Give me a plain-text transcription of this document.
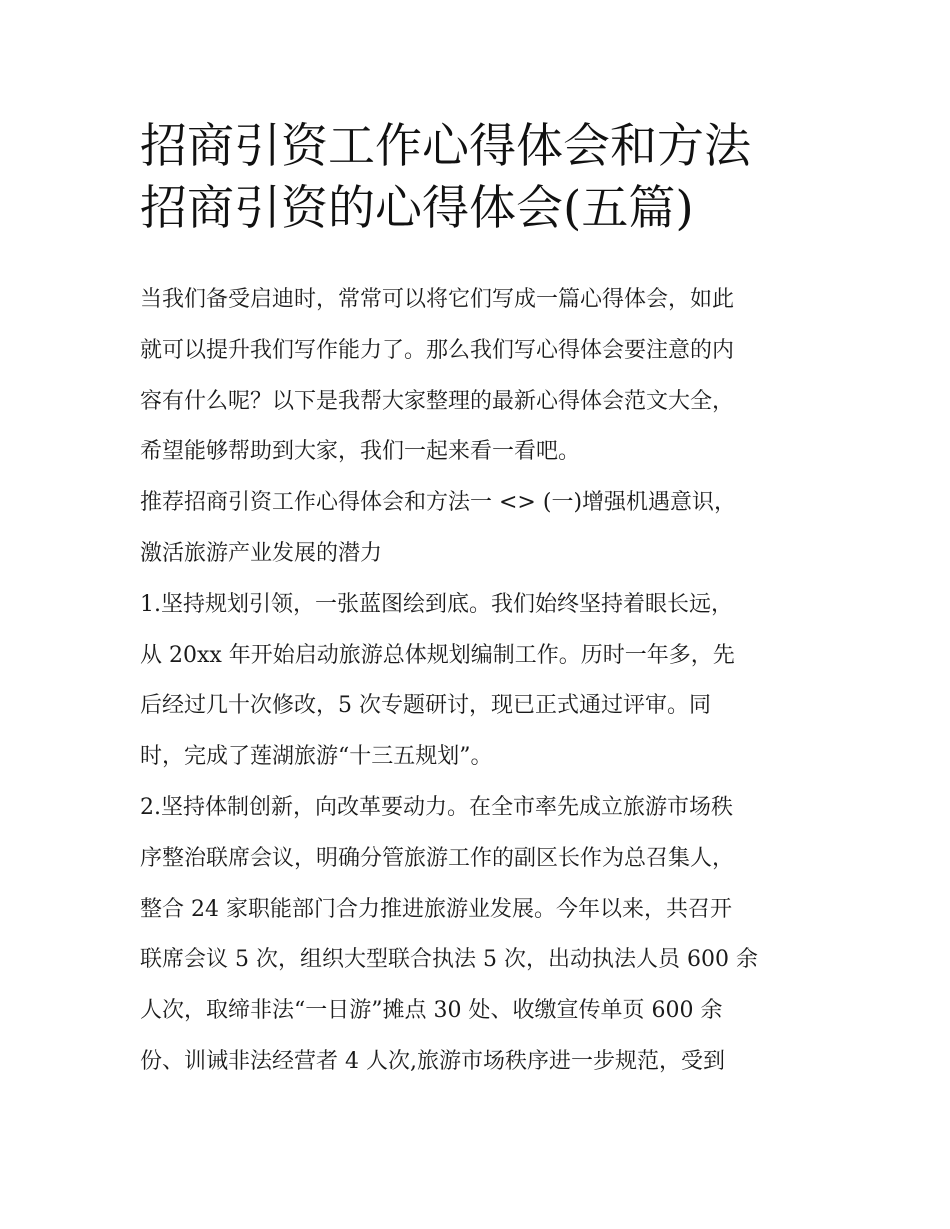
招商引资工作心得体会和方法
招商引资的心得体会(五篇)
当我们备受启迪时，常常可以将它们写成一篇心得体会，如此
就可以提升我们写作能力了。那么我们写心得体会要注意的内
容有什么呢？以下是我帮大家整理的最新心得体会范文大全，
希望能够帮助到大家，我们一起来看一看吧。
推荐招商引资工作心得体会和方法一 <> (一)增强机遇意识，
激活旅游产业发展的潜力
1.坚持规划引领，一张蓝图绘到底。我们始终坚持着眼长远，
从 20xx 年开始启动旅游总体规划编制工作。历时一年多，先
后经过几十次修改，5 次专题研讨，现已正式通过评审。同
时，完成了莲湖旅游“十三五规划”。
2.坚持体制创新，向改革要动力。在全市率先成立旅游市场秩
序整治联席会议，明确分管旅游工作的副区长作为总召集人，
整合 24 家职能部门合力推进旅游业发展。今年以来，共召开
联席会议 5 次，组织大型联合执法 5 次，出动执法人员 600 余
人次，取缔非法“一日游”摊点 30 处、收缴宣传单页 600 余
份、训诫非法经营者 4 人次,旅游市场秩序进一步规范，受到
